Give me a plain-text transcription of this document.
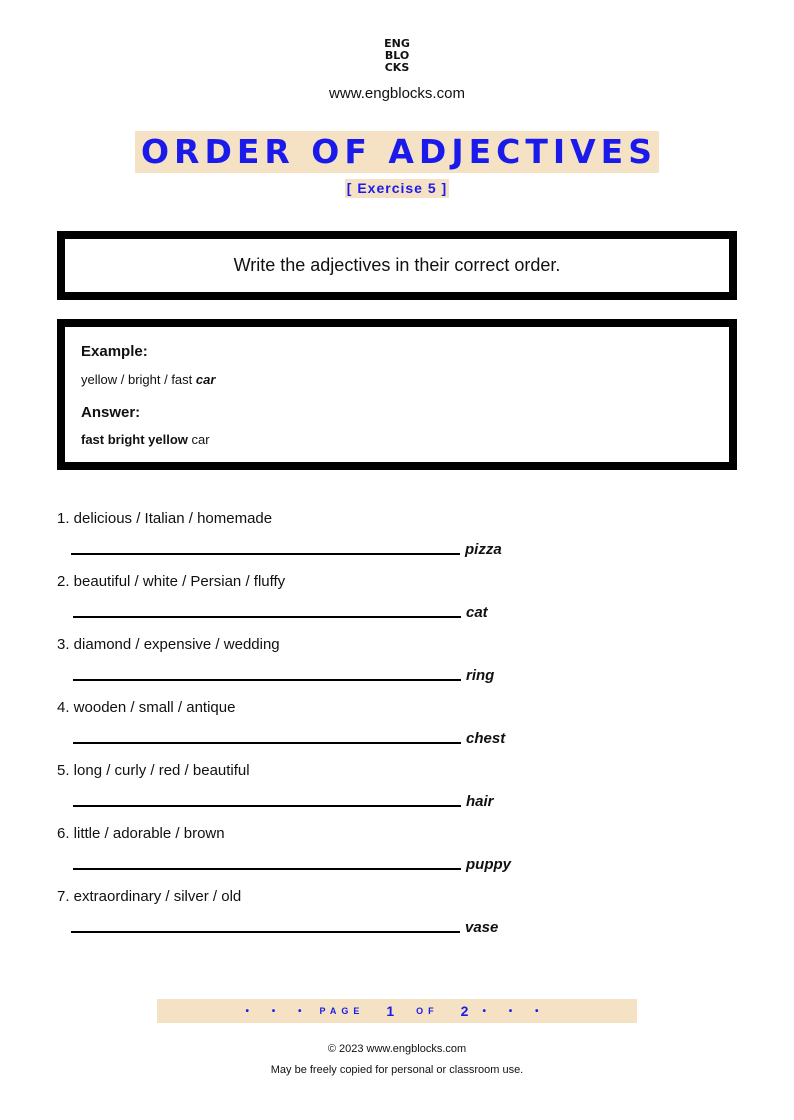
ENG
BLO
CKS
www.engblocks.com
ORDER OF ADJECTIVES
[ Exercise 5 ]
Write the adjectives in their correct order.
Example:
yellow / bright / fast car
Answer:
fast bright yellow car
1. delicious / Italian / homemade
pizza
2. beautiful / white / Persian / fluffy
cat
3. diamond / expensive / wedding
ring
4. wooden / small / antique
chest
5. long / curly / red / beautiful
hair
6. little / adorable / brown
puppy
7. extraordinary / silver / old
vase
• • • PAGE 1 OF 2 • • •
© 2023 www.engblocks.com
May be freely copied for personal or classroom use.
